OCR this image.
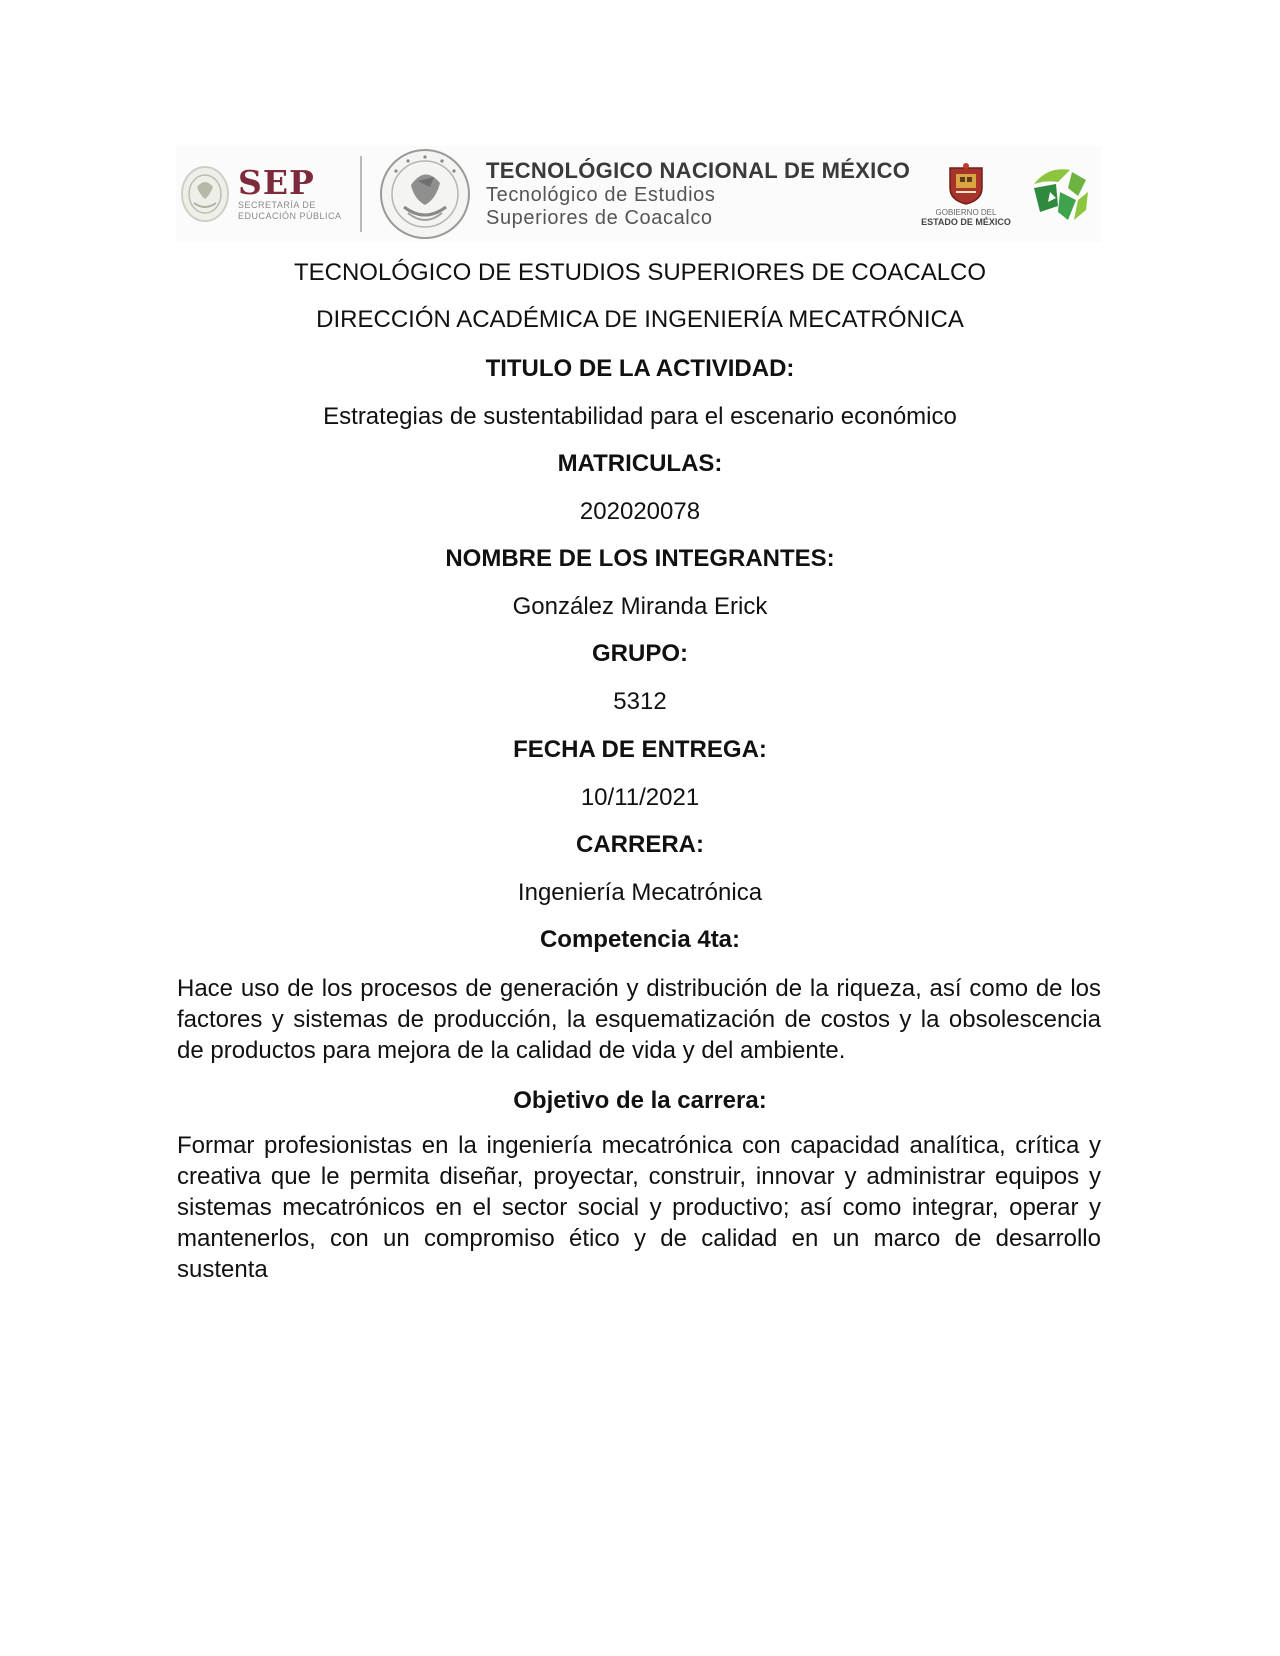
SEP
SECRETARÍA DE
EDUCACIÓN PÚBLICA
TECNOLÓGICO NACIONAL DE MÉXICO
Tecnológico de Estudios
Superiores de Coacalco	GOBIERNO DEL
ESTADO DE MÉXICO
TECNOLÓGICO DE ESTUDIOS SUPERIORES DE COACALCO
DIRECCIÓN ACADÉMICA DE INGENIERÍA MECATRÓNICA
TITULO DE LA ACTIVIDAD:
Estrategias de sustentabilidad para el escenario económico
MATRICULAS:
202020078
NOMBRE DE LOS INTEGRANTES:
González Miranda Erick
GRUPO:
5312
FECHA DE ENTREGA:
10/11/2021
CARRERA:
Ingeniería Mecatrónica
Competencia 4ta:
Hace uso de los procesos de generación y distribución de la riqueza, así como de los factores y sistemas de producción, la esquematización de costos y la obsolescencia de productos para mejora de la calidad de vida y del ambiente.
Objetivo de la carrera:
Formar profesionistas en la ingeniería mecatrónica con capacidad analítica, crítica y creativa que le permita diseñar, proyectar, construir, innovar y administrar equipos y sistemas mecatrónicos en el sector social y productivo; así como integrar, operar y mantenerlos, con un compromiso ético y de calidad en un marco de desarrollo sustenta
